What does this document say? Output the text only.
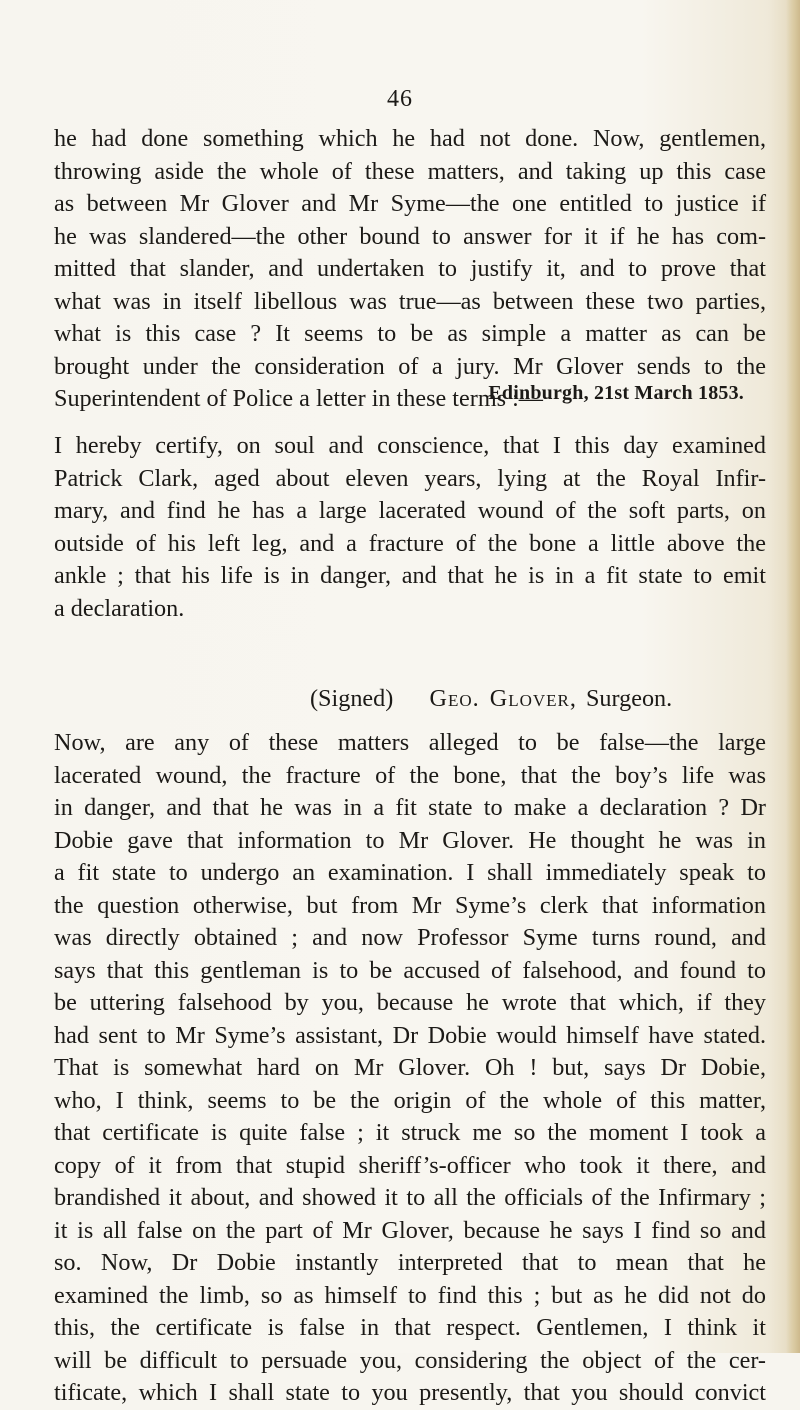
46
he had done something which he had not done. Now, gentlemen,
throwing aside the whole of these matters, and taking up this case
as between Mr Glover and Mr Syme—the one entitled to justice if
he was slandered—the other bound to answer for it if he has com-
mitted that slander, and undertaken to justify it, and to prove that
what was in itself libellous was true—as between these two parties,
what is this case ? It seems to be as simple a matter as can be
brought under the consideration of a jury. Mr Glover sends to the
Superintendent of Police a letter in these terms :—
Edinburgh, 21st March 1853.
I hereby certify, on soul and conscience, that I this day examined
Patrick Clark, aged about eleven years, lying at the Royal Infir-
mary, and find he has a large lacerated wound of the soft parts, on
outside of his left leg, and a fracture of the bone a little above the
ankle ; that his life is in danger, and that he is in a fit state to emit
a declaration.
(Signed) Geo. Glover, Surgeon.
Now, are any of these matters alleged to be false—the large
lacerated wound, the fracture of the bone, that the boy’s life was
in danger, and that he was in a fit state to make a declaration ? Dr
Dobie gave that information to Mr Glover. He thought he was in
a fit state to undergo an examination. I shall immediately speak to
the question otherwise, but from Mr Syme’s clerk that information
was directly obtained ; and now Professor Syme turns round, and
says that this gentleman is to be accused of falsehood, and found to
be uttering falsehood by you, because he wrote that which, if they
had sent to Mr Syme’s assistant, Dr Dobie would himself have stated.
That is somewhat hard on Mr Glover. Oh ! but, says Dr Dobie,
who, I think, seems to be the origin of the whole of this matter,
that certificate is quite false ; it struck me so the moment I took a
copy of it from that stupid sheriff’s-officer who took it there, and
brandished it about, and showed it to all the officials of the Infirmary ;
it is all false on the part of Mr Glover, because he says I find so and
so. Now, Dr Dobie instantly interpreted that to mean that he
examined the limb, so as himself to find this ; but as he did not do
this, the certificate is false in that respect. Gentlemen, I think it
will be difficult to persuade you, considering the object of the cer-
tificate, which I shall state to you presently, that you should convict
